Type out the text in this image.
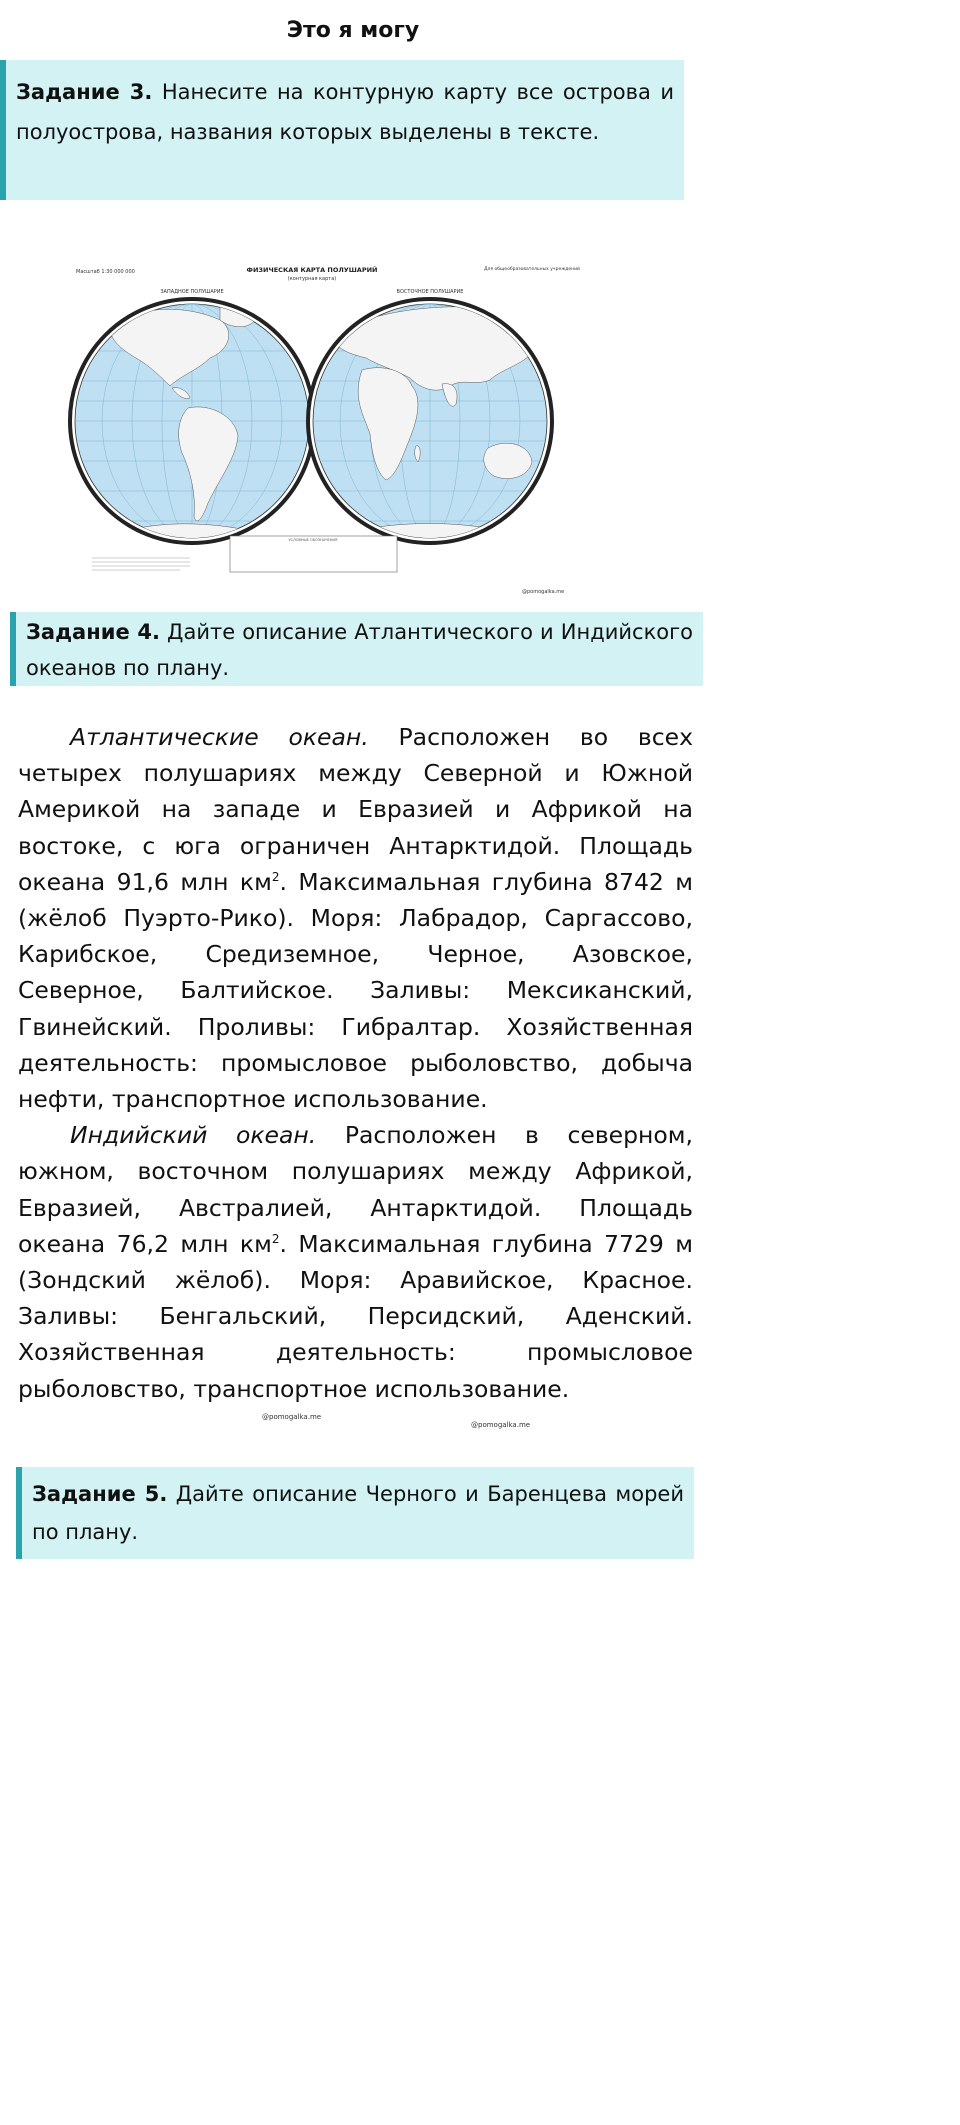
Это я могу
Задание 3. Нанесите на контурную карту все острова и полуострова, названия которых выделены в тексте.
Масштаб 1:30 000 000	ФИЗИЧЕСКАЯ КАРТА ПОЛУШАРИЙ
(контурная карта)
Для общеобразовательных учреждений
ЗАПАДНОЕ ПОЛУШАРИЕ	ВОСТОЧНОЕ ПОЛУШАРИЕ
УСЛОВНЫЕ ОБОЗНАЧЕНИЯ
@pomogalka.me
Задание 4. Дайте описание Атлантического и Индийского океанов по плану.

Атлантические океан. Расположен во всех четырех полушариях между Северной и Южной Америкой на западе и Евразией и Африкой на востоке, с юга ограничен Антарктидой. Площадь океана 91,6 млн $км^2$. Максимальная глубина 8742 м (жёлоб Пуэрто-Рико). Моря: Лабрадор, Саргассово, Карибское, Средиземное, Черное, Азовское, Северное, Балтийское. Заливы: Мексиканский, Гвинейский. Проливы: Гибралтар. Хозяйственная деятельность: промысловое рыболовство, добыча нефти, транспортное использование.

Индийский океан. Расположен в северном, южном, восточном полушариях между Африкой, Евразией, Австралией, Антарктидой. Площадь океана 76,2 млн $км^2$. Максимальная глубина 7729 м (Зондский жёлоб). Моря: Аравийское, Красное. Заливы: Бенгальский, Персидский, Аденский. Хозяйственная деятельность: промысловое рыболовство, транспортное использование.

@pomogalka.me
@pomogalka.me
Задание 5. Дайте описание Черного и Баренцева морей по плану.
